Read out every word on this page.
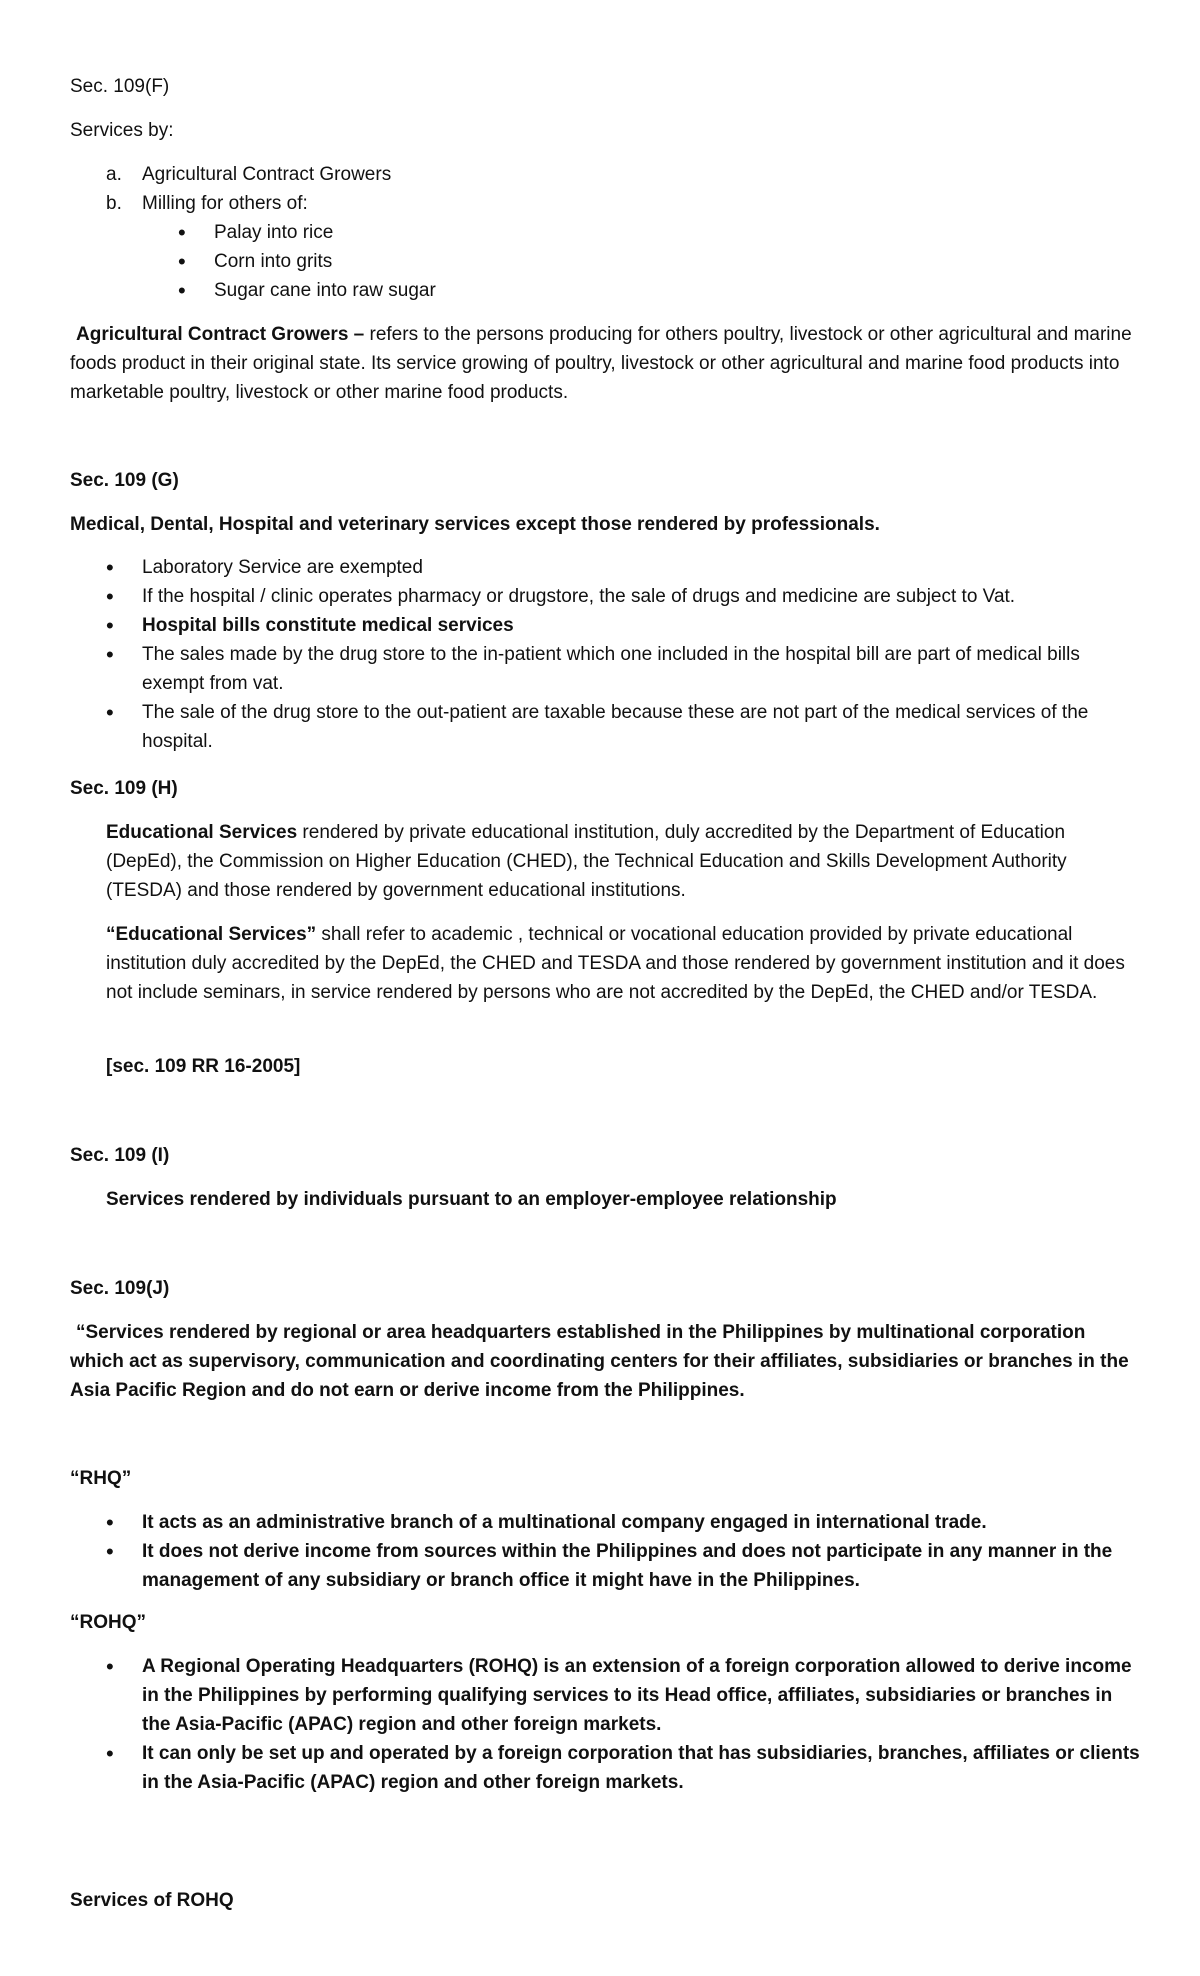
Sec. 109(F)

Services by:

a. Agricultural Contract Growers
b. Milling for others of:
• Palay into rice
• Corn into grits
• Sugar cane into raw sugar

Agricultural Contract Growers – refers to the persons producing for others poultry, livestock or other agricultural and marine foods product in their original state. Its service growing of poultry, livestock or other agricultural and marine food products into marketable poultry, livestock or other marine food products.

Sec. 109 (G)

Medical, Dental, Hospital and veterinary services except those rendered by professionals.

• Laboratory Service are exempted
• If the hospital / clinic operates pharmacy or drugstore, the sale of drugs and medicine are subject to Vat.
• Hospital bills constitute medical services
• The sales made by the drug store to the in-patient which one included in the hospital bill are part of medical bills exempt from vat.
• The sale of the drug store to the out-patient are taxable because these are not part of the medical services of the hospital.

Sec. 109 (H)

Educational Services rendered by private educational institution, duly accredited by the Department of Education (DepEd), the Commission on Higher Education (CHED), the Technical Education and Skills Development Authority (TESDA) and those rendered by government educational institutions.

“Educational Services” shall refer to academic , technical or vocational education provided by private educational institution duly accredited by the DepEd, the CHED and TESDA and those rendered by government institution and it does not include seminars, in service rendered by persons who are not accredited by the DepEd, the CHED and/or TESDA.

[sec. 109 RR 16-2005]

Sec. 109 (I)

Services rendered by individuals pursuant to an employer-employee relationship

Sec. 109(J)

“Services rendered by regional or area headquarters established in the Philippines by multinational corporation which act as supervisory, communication and coordinating centers for their affiliates, subsidiaries or branches in the Asia Pacific Region and do not earn or derive income from the Philippines.

“RHQ”

• It acts as an administrative branch of a multinational company engaged in international trade.
• It does not derive income from sources within the Philippines and does not participate in any manner in the management of any subsidiary or branch office it might have in the Philippines.

“ROHQ”

• A Regional Operating Headquarters (ROHQ) is an extension of a foreign corporation allowed to derive income in the Philippines by performing qualifying services to its Head office, affiliates, subsidiaries or branches in the Asia-Pacific (APAC) region and other foreign markets.
• It can only be set up and operated by a foreign corporation that has subsidiaries, branches, affiliates or clients in the Asia-Pacific (APAC) region and other foreign markets.

Services of ROHQ
